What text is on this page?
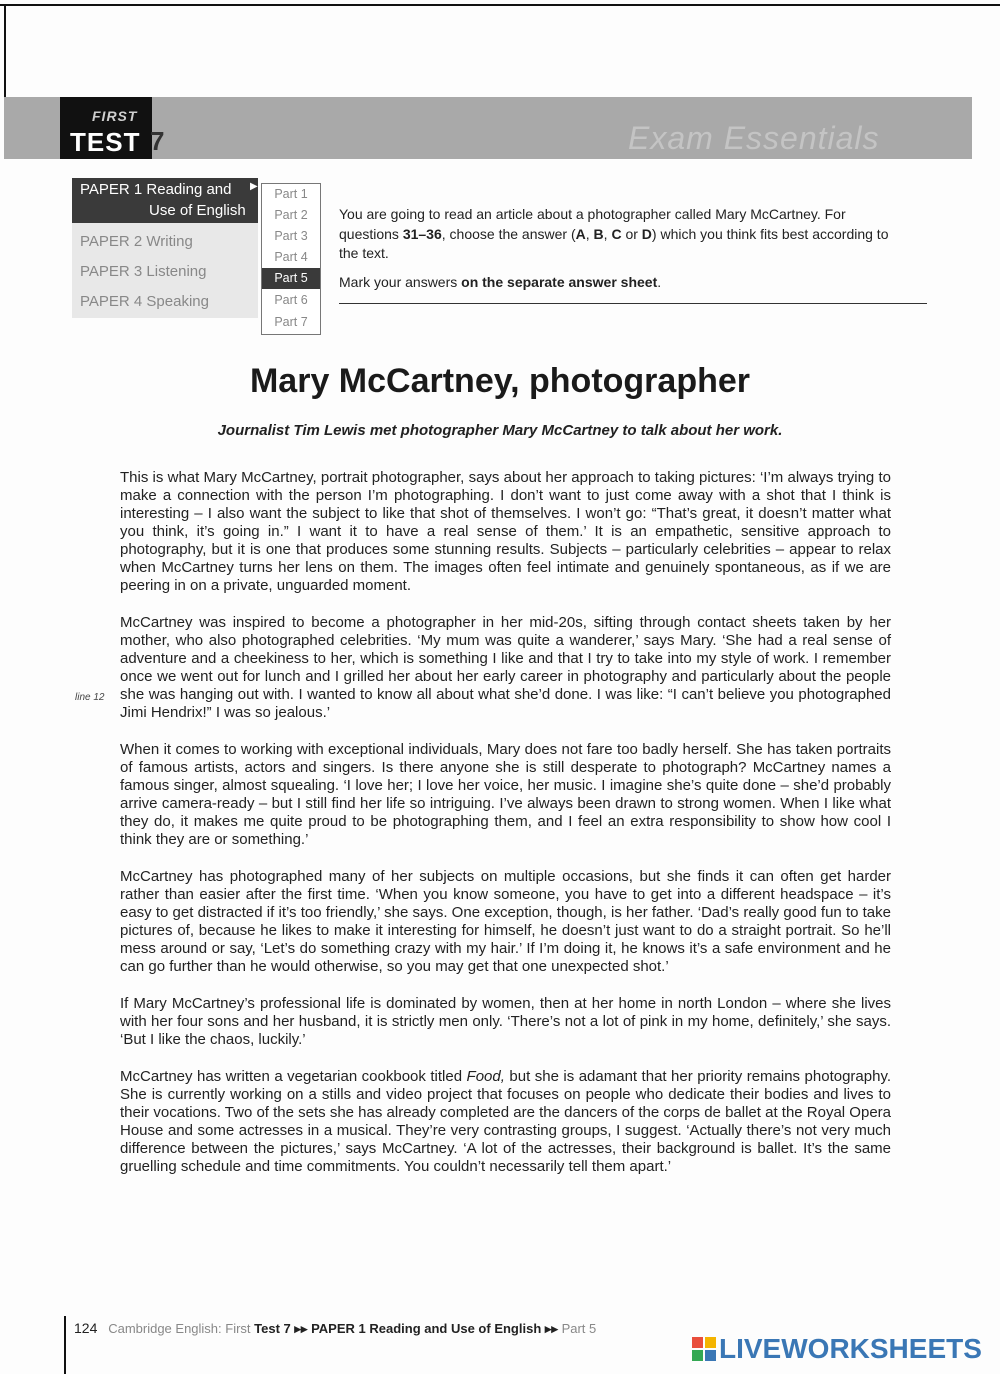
FIRST
TEST 7	Exam Essentials
PAPER 1 Reading and
Use of English
▶
PAPER 2 Writing
PAPER 3 Listening
PAPER 4 Speaking
Part 1
Part 2
Part 3
Part 4
Part 5
Part 6
Part 7

You are going to read an article about a photographer called Mary McCartney. For questions 31–36, choose the answer (A, B, C or D) which you think fits best according to the text.

Mark your answers on the separate answer sheet.

Mary McCartney, photographer
Journalist Tim Lewis met photographer Mary McCartney to talk about her work.
line 12

This is what Mary McCartney, portrait photographer, says about her approach to taking pictures: ‘I’m always trying to make a connection with the person I’m photographing. I don’t want to just come away with a shot that I think is interesting – I also want the subject to like that shot of themselves. I won’t go: “That’s great, it doesn’t matter what you think, it’s going in.” I want it to have a real sense of them.’ It is an empathetic, sensitive approach to photography, but it is one that produces some stunning results. Subjects – particularly celebrities – appear to relax when McCartney turns her lens on them. The images often feel intimate and genuinely spontaneous, as if we are peering in on a private, unguarded moment.

McCartney was inspired to become a photographer in her mid-20s, sifting through contact sheets taken by her mother, who also photographed celebrities. ‘My mum was quite a wanderer,’ says Mary. ‘She had a real sense of adventure and a cheekiness to her, which is something I like and that I try to take into my style of work. I remember once we went out for lunch and I grilled her about her early career in photography and particularly about the people she was hanging out with. I wanted to know all about what she’d done. I was like: “I can’t believe you photographed Jimi Hendrix!” I was so jealous.’

When it comes to working with exceptional individuals, Mary does not fare too badly herself. She has taken portraits of famous artists, actors and singers. Is there anyone she is still desperate to photograph? McCartney names a famous singer, almost squealing. ‘I love her; I love her voice, her music. I imagine she’s quite done – she’d probably arrive camera-ready – but I still find her life so intriguing. I’ve always been drawn to strong women. When I like what they do, it makes me quite proud to be photographing them, and I feel an extra responsibility to show how cool I think they are or something.’

McCartney has photographed many of her subjects on multiple occasions, but she finds it can often get harder rather than easier after the first time. ‘When you know someone, you have to get into a different headspace – it’s easy to get distracted if it’s too friendly,’ she says. One exception, though, is her father. ‘Dad’s really good fun to take pictures of, because he likes to make it interesting for himself, he doesn’t just want to do a straight portrait. So he’ll mess around or say, ‘Let’s do something crazy with my hair.’ If I’m doing it, he knows it’s a safe environment and he can go further than he would otherwise, so you may get that one unexpected shot.’

If Mary McCartney’s professional life is dominated by women, then at her home in north London – where she lives with her four sons and her husband, it is strictly men only. ‘There’s not a lot of pink in my home, definitely,’ she says. ‘But I like the chaos, luckily.’

McCartney has written a vegetarian cookbook titled Food, but she is adamant that her priority remains photography. She is currently working on a stills and video project that focuses on people who dedicate their bodies and lives to their vocations. Two of the sets she has already completed are the dancers of the corps de ballet at the Royal Opera House and some actresses in a musical. They’re very contrasting groups, I suggest. ‘Actually there’s not very much difference between the pictures,’ says McCartney. ‘A lot of the actresses, their background is ballet. It’s the same gruelling schedule and time commitments. You couldn’t necessarily tell them apart.’

124 Cambridge English: First Test 7 ▸▸ PAPER 1 Reading and Use of English ▸▸ Part 5
LIVEWORKSHEETS
